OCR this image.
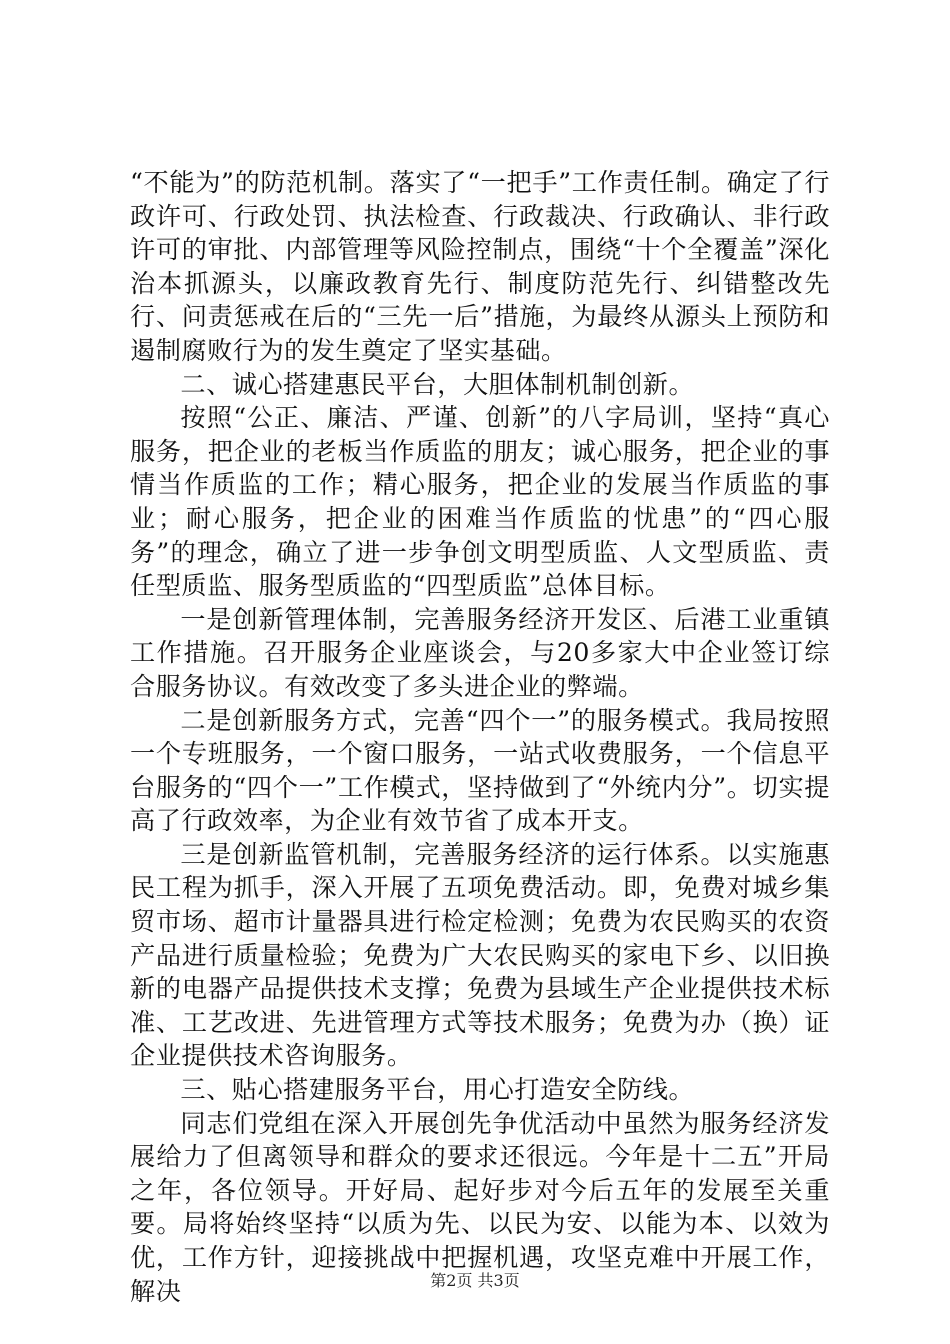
“不能为”的防范机制。落实了“一把手”工作责任制。确定了行政许可、行政处罚、执法检查、行政裁决、行政确认、非行政许可的审批、内部管理等风险控制点，围绕“十个全覆盖”深化治本抓源头，以廉政教育先行、制度防范先行、纠错整改先行、问责惩戒在后的“三先一后”措施，为最终从源头上预防和遏制腐败行为的发生奠定了坚实基础。

二、诚心搭建惠民平台，大胆体制机制创新。

按照“公正、廉洁、严谨、创新”的八字局训，坚持“真心服务，把企业的老板当作质监的朋友；诚心服务，把企业的事情当作质监的工作；精心服务，把企业的发展当作质监的事业；耐心服务，把企业的困难当作质监的忧患”的“四心服务”的理念，确立了进一步争创文明型质监、人文型质监、责任型质监、服务型质监的“四型质监”总体目标。

一是创新管理体制，完善服务经济开发区、后港工业重镇工作措施。召开服务企业座谈会，与20多家大中企业签订综合服务协议。有效改变了多头进企业的弊端。

二是创新服务方式，完善“四个一”的服务模式。我局按照一个专班服务，一个窗口服务，一站式收费服务，一个信息平台服务的“四个一”工作模式，坚持做到了“外统内分”。切实提高了行政效率，为企业有效节省了成本开支。

三是创新监管机制，完善服务经济的运行体系。以实施惠民工程为抓手，深入开展了五项免费活动。即，免费对城乡集贸市场、超市计量器具进行检定检测；免费为农民购买的农资产品进行质量检验；免费为广大农民购买的家电下乡、以旧换新的电器产品提供技术支撑；免费为县域生产企业提供技术标准、工艺改进、先进管理方式等技术服务；免费为办（换）证企业提供技术咨询服务。

三、贴心搭建服务平台，用心打造安全防线。

同志们党组在深入开展创先争优活动中虽然为服务经济发展给力了但离领导和群众的要求还很远。今年是十二五”开局之年，各位领导。开好局、起好步对今后五年的发展至关重要。局将始终坚持“以质为先、以民为安、以能为本、以效为优，工作方针，迎接挑战中把握机遇，攻坚克难中开展工作，解决	第2页 共3页
